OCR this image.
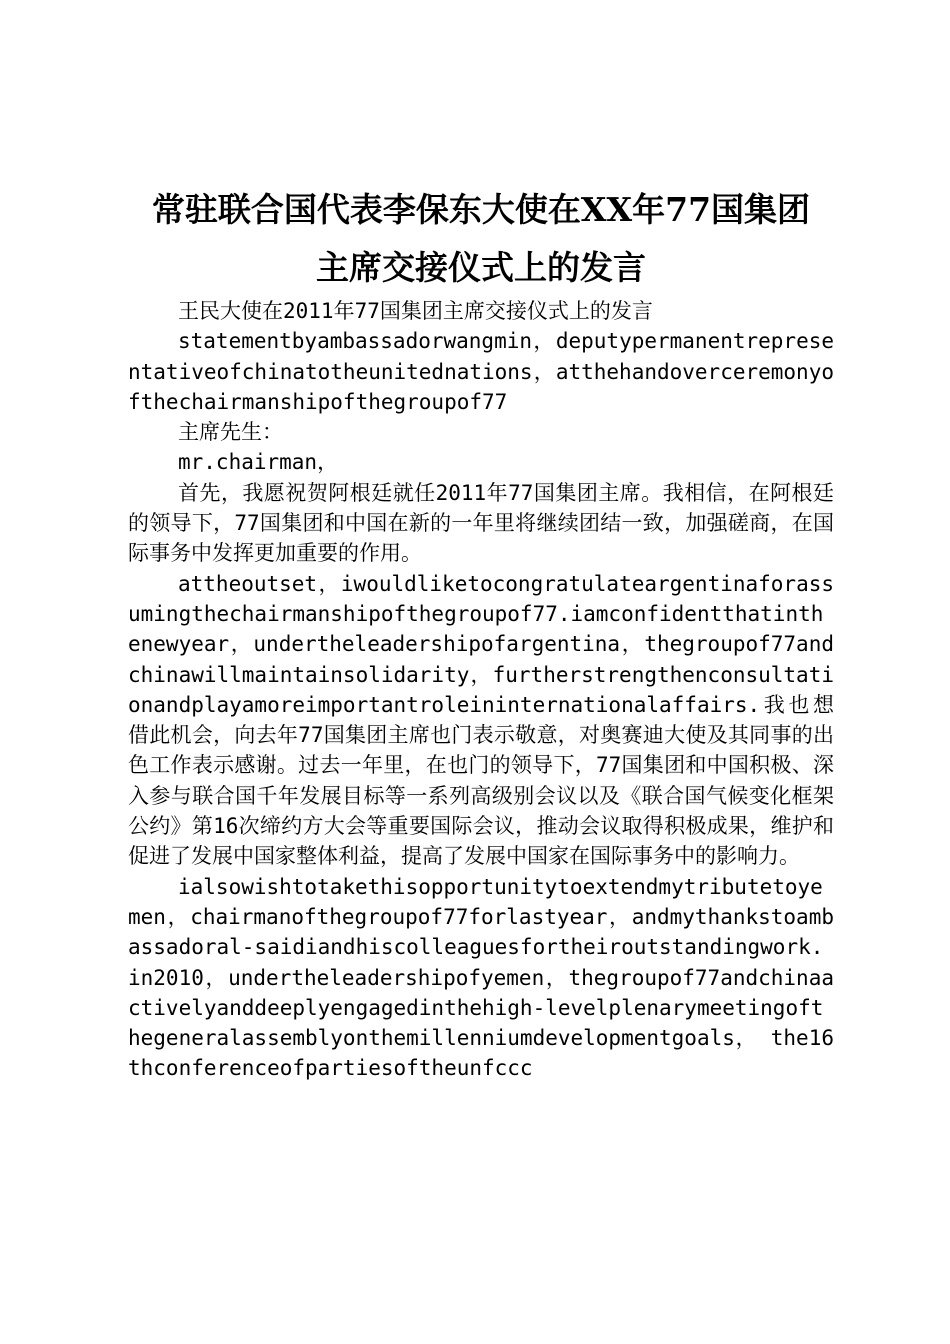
常驻联合国代表李保东大使在XX年77国集团
主席交接仪式上的发言

王民大使在2011年77国集团主席交接仪式上的发言

statementbyambassadorwangmin，deputypermanentrepresentativeofchinatotheunitednations，atthehandoverceremonyofthechairmanshipofthegroupof77

主席先生：

mr.chairman，

首先，我愿祝贺阿根廷就任2011年77国集团主席。我相信，在阿根廷的领导下，77国集团和中国在新的一年里将继续团结一致，加强磋商，在国际事务中发挥更加重要的作用。

attheoutset，iwouldliketocongratulateargentinaforassumingthechairmanshipofthegroupof77.iamconfidentthatinthenewyear，undertheleadershipofargentina，thegroupof77andchinawillmaintainsolidarity，furtherstrengthenconsultationandplayamoreimportantroleininternationalaffairs.我也想借此机会，向去年77国集团主席也门表示敬意，对奥赛迪大使及其同事的出色工作表示感谢。过去一年里，在也门的领导下，77国集团和中国积极、深入参与联合国千年发展目标等一系列高级别会议以及《联合国气候变化框架公约》第16次缔约方大会等重要国际会议，推动会议取得积极成果，维护和促进了发展中国家整体利益，提高了发展中国家在国际事务中的影响力。

ialsowishtotakethisopportunitytoextendmytributetoyemen，chairmanofthegroupof77forlastyear，andmythankstoambassadoral-saidiandhiscolleaguesfortheiroutstandingwork.in2010，undertheleadershipofyemen，thegroupof77andchinaactivelyanddeeplyengagedinthehigh-levelplenarymeetingofthegeneralassemblyonthemillenniumdevelopmentgoals， the16thconferenceofpartiesoftheunfccc
